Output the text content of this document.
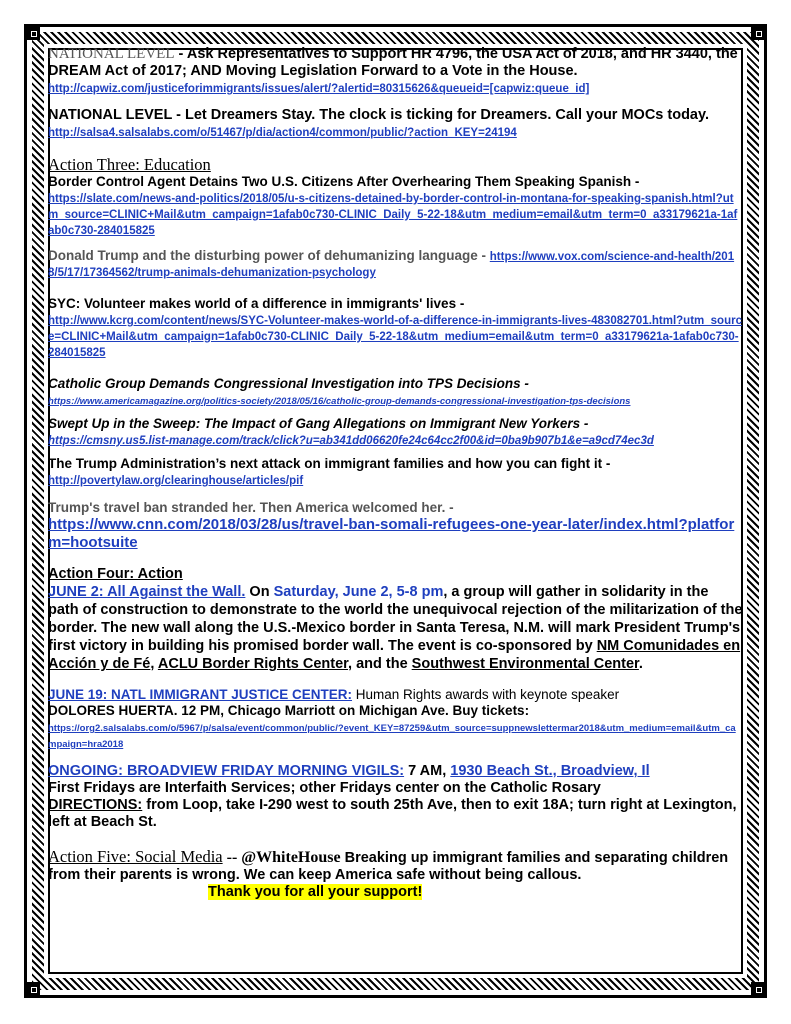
NATIONAL LEVEL - Ask Representatives to Support HR 4796, the USA Act of 2018, and HR 3440, the DREAM Act of 2017; AND Moving Legislation Forward to a Vote in the House.
http://capwiz.com/justiceforimmigrants/issues/alert/?alertid=80315626&queueid=[capwiz:queue_id]

NATIONAL LEVEL - Let Dreamers Stay. The clock is ticking for Dreamers. Call your MOCs today. http://salsa4.salsalabs.com/o/51467/p/dia/action4/common/public/?action_KEY=24194

Action Three: Education

Border Control Agent Detains Two U.S. Citizens After Overhearing Them Speaking Spanish -
https://slate.com/news-and-politics/2018/05/u-s-citizens-detained-by-border-control-in-montana-for-speaking-spanish.html?utm_source=CLINIC+Mail&utm_campaign=1afab0c730-CLINIC_Daily_5-22-18&utm_medium=email&utm_term=0_a33179621a-1afab0c730-284015825

Donald Trump and the disturbing power of dehumanizing language - https://www.vox.com/science-and-health/2018/5/17/17364562/trump-animals-dehumanization-psychology

SYC: Volunteer makes world of a difference in immigrants' lives -
http://www.kcrg.com/content/news/SYC-Volunteer-makes-world-of-a-difference-in-immigrants-lives-483082701.html?utm_source=CLINIC+Mail&utm_campaign=1afab0c730-CLINIC_Daily_5-22-18&utm_medium=email&utm_term=0_a33179621a-1afab0c730-284015825

Catholic Group Demands Congressional Investigation into TPS Decisions -
https://www.americamagazine.org/politics-society/2018/05/16/catholic-group-demands-congressional-investigation-tps-decisions

Swept Up in the Sweep: The Impact of Gang Allegations on Immigrant New Yorkers -
https://cmsny.us5.list-manage.com/track/click?u=ab341dd06620fe24c64cc2f00&id=0ba9b907b1&e=a9cd74ec3d

The Trump Administration’s next attack on immigrant families and how you can fight it -
http://povertylaw.org/clearinghouse/articles/pif

Trump's travel ban stranded her. Then America welcomed her. -
https://www.cnn.com/2018/03/28/us/travel-ban-somali-refugees-one-year-later/index.html?platform=hootsuite

Action Four: Action

JUNE 2: All Against the Wall. On Saturday, June 2, 5-8 pm, a group will gather in solidarity in the path of construction to demonstrate to the world the unequivocal rejection of the militarization of the border. The new wall along the U.S.-Mexico border in Santa Teresa, N.M. will mark President Trump's first victory in building his promised border wall. The event is co-sponsored by NM Comunidades en Acción y de Fé, ACLU Border Rights Center, and the Southwest Environmental Center.

JUNE 19: NATL IMMIGRANT JUSTICE CENTER: Human Rights awards with keynote speaker
DOLORES HUERTA. 12 PM, Chicago Marriott on Michigan Ave. Buy tickets:
https://org2.salsalabs.com/o/5967/p/salsa/event/common/public/?event_KEY=87259&utm_source=suppnewslettermar2018&utm_medium=email&utm_campaign=hra2018

ONGOING: BROADVIEW FRIDAY MORNING VIGILS: 7 AM, 1930 Beach St., Broadview, Il
First Fridays are Interfaith Services; other Fridays center on the Catholic Rosary
DIRECTIONS: from Loop, take I-290 west to south 25th Ave, then to exit 18A; turn right at Lexington, left at Beach St.

Action Five: Social Media -- @WhiteHouse Breaking up immigrant families and separating children from their parents is wrong. We can keep America safe without being callous. Thank you for all your support!
